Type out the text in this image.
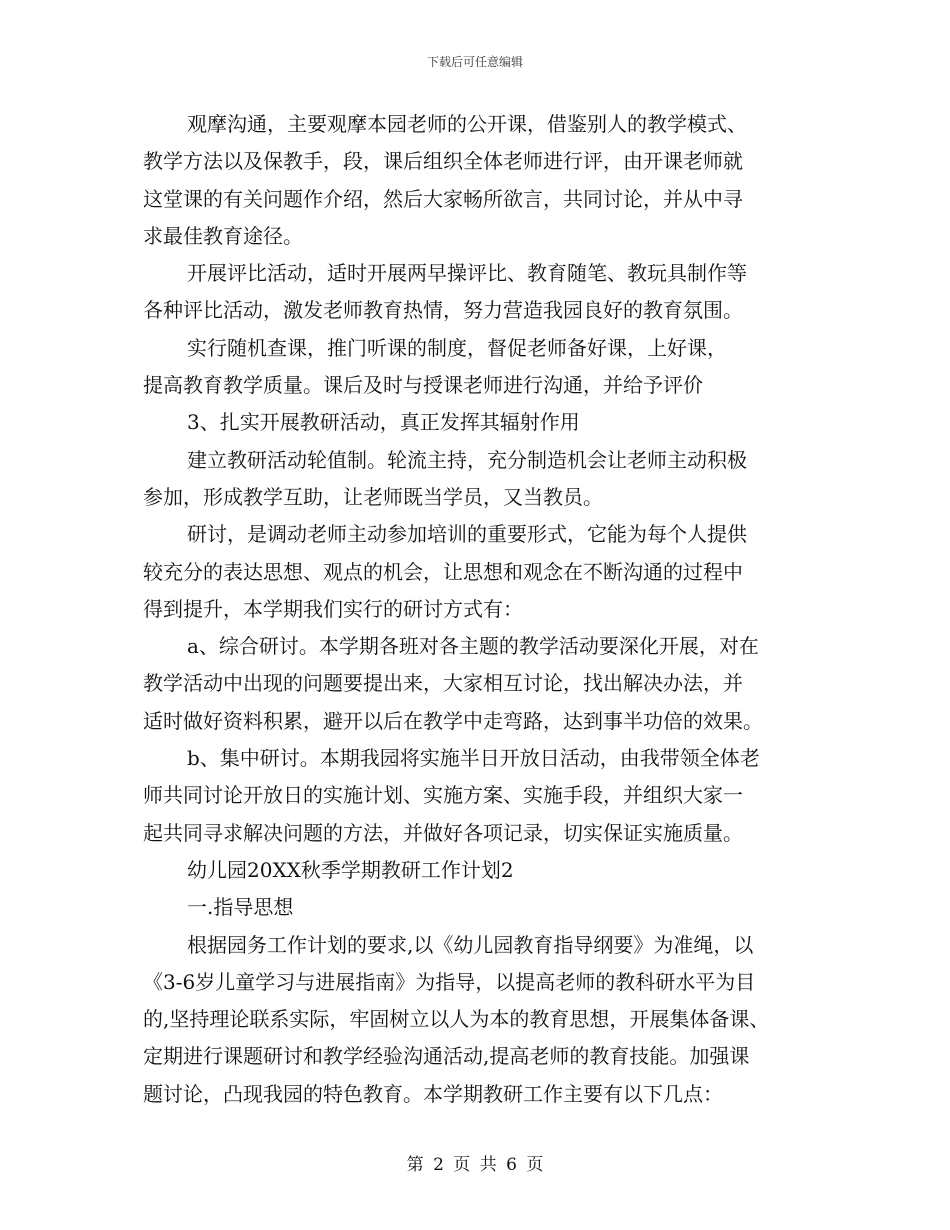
下载后可任意编辑

观摩沟通，主要观摩本园老师的公开课，借鉴别人的教学模式、

教学方法以及保教手，段，课后组织全体老师进行评，由开课老师就

这堂课的有关问题作介绍，然后大家畅所欲言，共同讨论，并从中寻

求最佳教育途径。

开展评比活动，适时开展两早操评比、教育随笔、教玩具制作等

各种评比活动，激发老师教育热情，努力营造我园良好的教育氛围。

实行随机查课，推门听课的制度，督促老师备好课，上好课，

提高教育教学质量。课后及时与授课老师进行沟通，并给予评价

3、扎实开展教研活动，真正发挥其辐射作用

建立教研活动轮值制。轮流主持，充分制造机会让老师主动积极

参加，形成教学互助，让老师既当学员，又当教员。

研讨，是调动老师主动参加培训的重要形式，它能为每个人提供

较充分的表达思想、观点的机会，让思想和观念在不断沟通的过程中

得到提升，本学期我们实行的研讨方式有：

a、综合研讨。本学期各班对各主题的教学活动要深化开展，对在

教学活动中出现的问题要提出来，大家相互讨论，找出解决办法，并

适时做好资料积累，避开以后在教学中走弯路，达到事半功倍的效果。

b、集中研讨。本期我园将实施半日开放日活动，由我带领全体老

师共同讨论开放日的实施计划、实施方案、实施手段，并组织大家一

起共同寻求解决问题的方法，并做好各项记录，切实保证实施质量。

幼儿园20XX秋季学期教研工作计划2

一.指导思想

根据园务工作计划的要求,以《幼儿园教育指导纲要》为准绳，以

《3-6岁儿童学习与进展指南》为指导，以提高老师的教科研水平为目

的,坚持理论联系实际，牢固树立以人为本的教育思想，开展集体备课、

定期进行课题研讨和教学经验沟通活动,提高老师的教育技能。加强课

题讨论，凸现我园的特色教育。本学期教研工作主要有以下几点：

第 2 页 共 6 页
